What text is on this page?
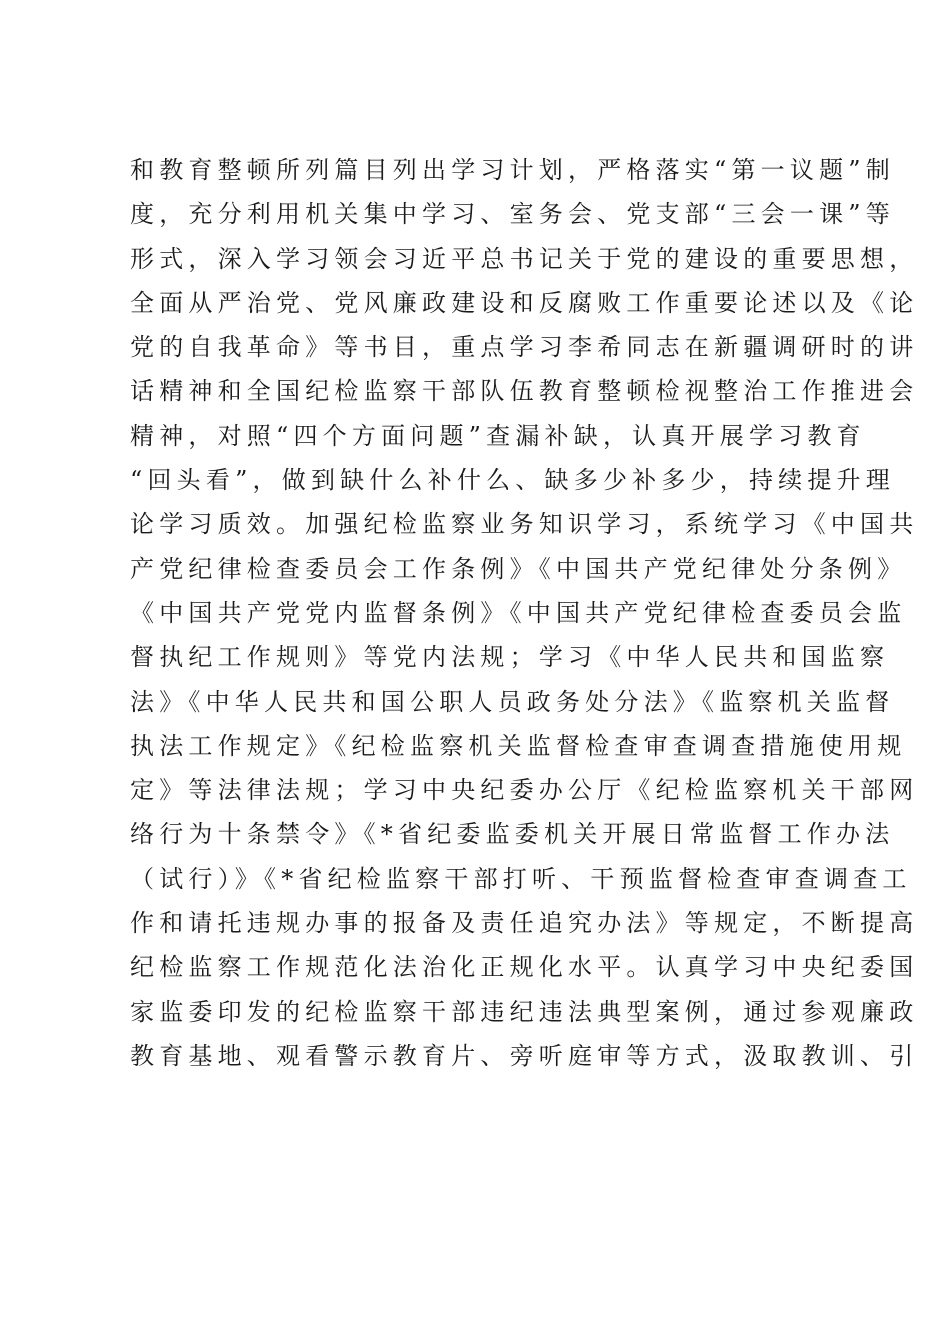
和教育整顿所列篇目列出学习计划，严格落实“第一议题”制
度，充分利用机关集中学习、室务会、党支部“三会一课”等
形式，深入学习领会习近平总书记关于党的建设的重要思想，
全面从严治党、党风廉政建设和反腐败工作重要论述以及《论
党的自我革命》等书目，重点学习李希同志在新疆调研时的讲
话精神和全国纪检监察干部队伍教育整顿检视整治工作推进会
精神，对照“四个方面问题”查漏补缺，认真开展学习教育
“回头看”，做到缺什么补什么、缺多少补多少，持续提升理
论学习质效。加强纪检监察业务知识学习，系统学习《中国共
产党纪律检查委员会工作条例》《中国共产党纪律处分条例》
《中国共产党党内监督条例》《中国共产党纪律检查委员会监
督执纪工作规则》等党内法规；学习《中华人民共和国监察
法》《中华人民共和国公职人员政务处分法》《监察机关监督
执法工作规定》《纪检监察机关监督检查审查调查措施使用规
定》等法律法规；学习中央纪委办公厅《纪检监察机关干部网
络行为十条禁令》《*省纪委监委机关开展日常监督工作办法
（试行）》《*省纪检监察干部打听、干预监督检查审查调查工
作和请托违规办事的报备及责任追究办法》等规定，不断提高
纪检监察工作规范化法治化正规化水平。认真学习中央纪委国
家监委印发的纪检监察干部违纪违法典型案例，通过参观廉政
教育基地、观看警示教育片、旁听庭审等方式，汲取教训、引
